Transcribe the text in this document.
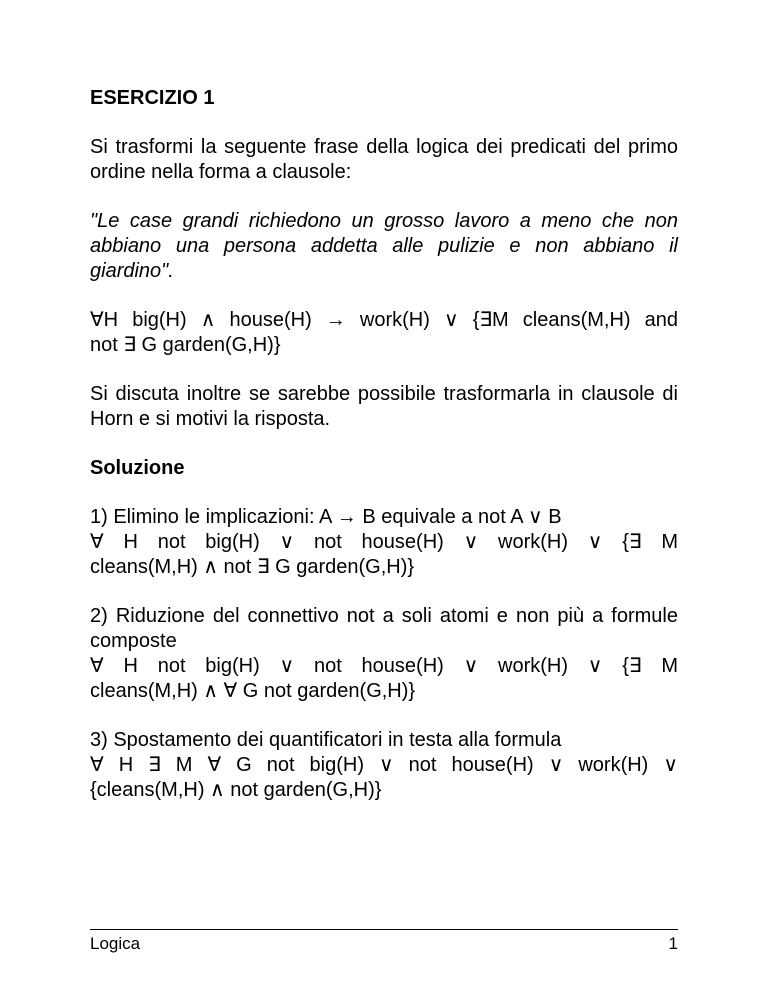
ESERCIZIO 1

Si trasformi la seguente frase della logica dei predicati del primo ordine nella forma a clausole:

"Le case grandi richiedono un grosso lavoro a meno che non abbiano una persona addetta alle pulizie e non abbiano il giardino".

∀H big(H) ∧ house(H) → work(H) ∨ {∃M cleans(M,H) and

not ∃ G garden(G,H)}

Si discuta inoltre se sarebbe possibile trasformarla in clausole di Horn e si motivi la risposta.

Soluzione

1) Elimino le implicazioni: A → B equivale a not A ∨ B

∀ H not big(H) ∨ not house(H) ∨ work(H) ∨ {∃ M

cleans(M,H) ∧ not ∃ G garden(G,H)}

2) Riduzione del connettivo not a soli atomi e non più a formule composte

∀ H not big(H) ∨ not house(H) ∨ work(H) ∨ {∃ M

cleans(M,H) ∧ ∀ G not garden(G,H)}

3) Spostamento dei quantificatori in testa alla formula

∀ H ∃ M ∀ G not big(H) ∨ not house(H) ∨ work(H) ∨

{cleans(M,H) ∧ not garden(G,H)}

Logica	1
